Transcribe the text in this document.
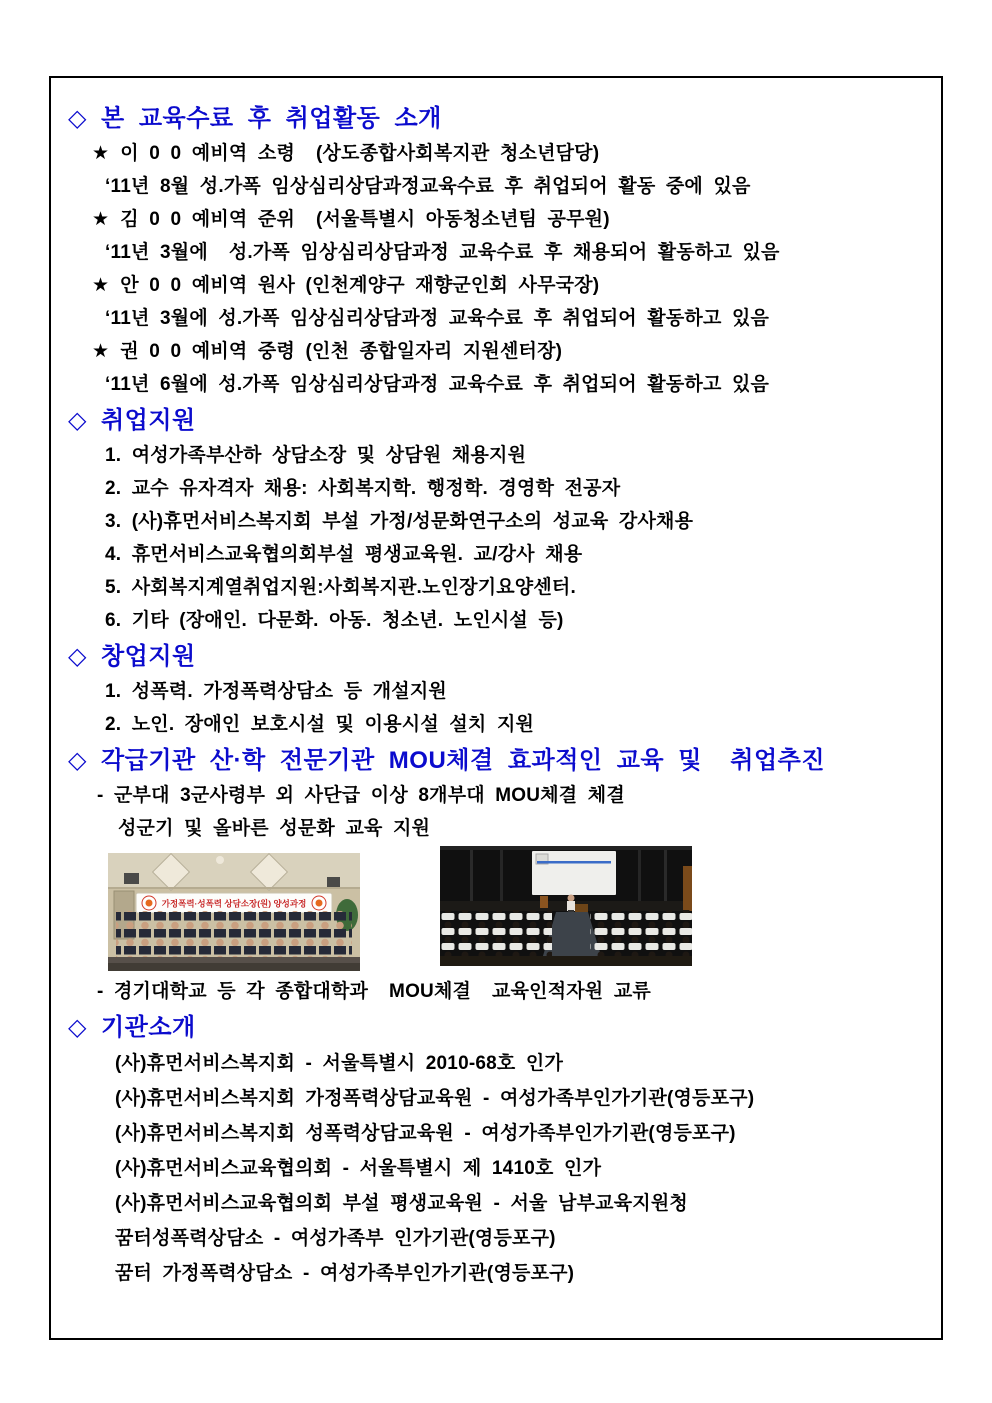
◇ 본 교육수료 후 취업활동 소개
★ 이 0 0 예비역 소령  (상도종합사회복지관 청소년담당)
‘11년 8월 성.가폭 임상심리상담과정교육수료 후 취업되어 활동 중에 있음
★ 김 0 0 예비역 준위  (서울특별시 아동청소년팀 공무원)
‘11년 3월에  성.가폭 임상심리상담과정 교육수료 후 채용되어 활동하고 있음
★ 안 0 0 예비역 원사 (인천계양구 재향군인회 사무국장)
‘11년 3월에 성.가폭 임상심리상담과정 교육수료 후 취업되어 활동하고 있음
★ 권 0 0 예비역 중령 (인천 종합일자리 지원센터장)
‘11년 6월에 성.가폭 임상심리상담과정 교육수료 후 취업되어 활동하고 있음
◇ 취업지원
1. 여성가족부산하 상담소장 및 상담원 채용지원
2. 교수 유자격자 채용: 사회복지학. 행정학. 경영학 전공자
3. (사)휴먼서비스복지회 부설 가정/성문화연구소의 성교육 강사채용
4. 휴먼서비스교육협의회부설 평생교육원. 교/강사 채용
5. 사회복지계열취업지원:사회복지관.노인장기요양센터.
6. 기타 (장애인. 다문화. 아동. 청소년. 노인시설 등)
◇ 창업지원
1. 성폭력. 가정폭력상담소 등 개설지원
2. 노인. 장애인 보호시설 및 이용시설 설치 지원
◇ 각급기관 산·학 전문기관 MOU체결 효과적인 교육 및  취업추진
- 군부대 3군사령부 외 사단급 이상 8개부대 MOU체결 체결
성군기 및 올바른 성문화 교육 지원
가정폭력·성폭력 상담소장(원) 양성과정
- 경기대학교 등 각 종합대학과  MOU체결  교육인적자원 교류
◇ 기관소개
(사)휴먼서비스복지회 - 서울특별시 2010-68호 인가
(사)휴먼서비스복지회 가정폭력상담교육원 - 여성가족부인가기관(영등포구)
(사)휴먼서비스복지회 성폭력상담교육원 - 여성가족부인가기관(영등포구)
(사)휴먼서비스교육협의회 - 서울특별시 제 1410호 인가
(사)휴먼서비스교육협의회 부설 평생교육원 - 서울 남부교육지원청
꿈터성폭력상담소 - 여성가족부 인가기관(영등포구)
꿈터 가정폭력상담소 - 여성가족부인가기관(영등포구)
